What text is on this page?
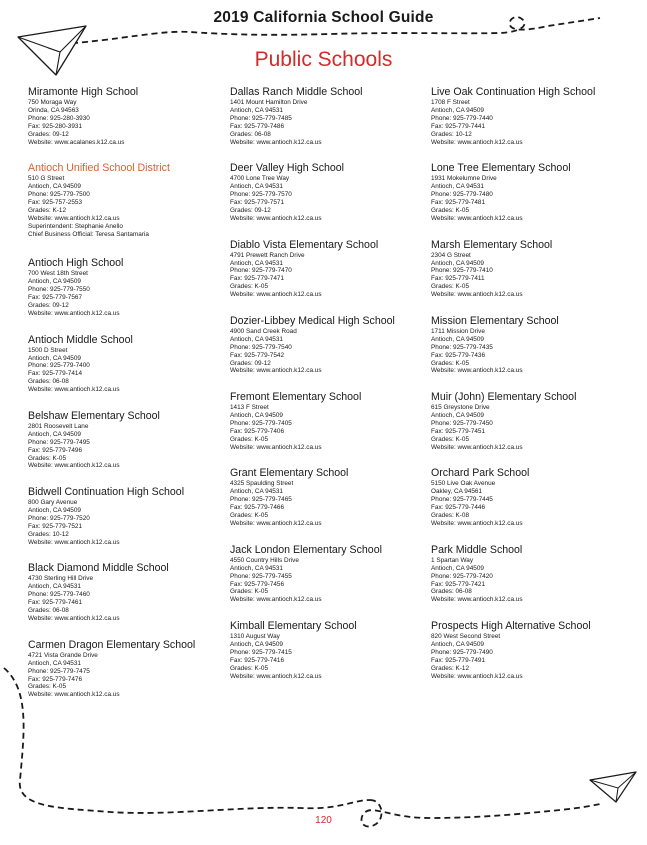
2019 California School Guide
Public Schools
Miramonte High School
750 Moraga Way
Orinda, CA 94563
Phone: 925-280-3930
Fax: 925-280-3931
Grades: 09-12
Website: www.acalanes.k12.ca.us
Antioch Unified School District
510 G Street
Antioch, CA 94509
Phone: 925-779-7500
Fax: 925-757-2553
Grades: K-12
Website: www.antioch.k12.ca.us
Superintendent: Stephanie Anello
Chief Business Official: Teresa Santamaria
Antioch High School
700 West 18th Street
Antioch, CA 94509
Phone: 925-779-7550
Fax: 925-779-7567
Grades: 09-12
Website: www.antioch.k12.ca.us
Antioch Middle School
1500 D Street
Antioch, CA 94509
Phone: 925-779-7400
Fax: 925-779-7414
Grades: 06-08
Website: www.antioch.k12.ca.us
Belshaw Elementary School
2801 Roosevelt Lane
Antioch, CA 94509
Phone: 925-779-7495
Fax: 925-779-7496
Grades: K-05
Website: www.antioch.k12.ca.us
Bidwell Continuation High School
800 Gary Avenue
Antioch, CA 94509
Phone: 925-779-7520
Fax: 925-779-7521
Grades: 10-12
Website: www.antioch.k12.ca.us
Black Diamond Middle School
4730 Sterling Hill Drive
Antioch, CA 94531
Phone: 925-779-7460
Fax: 925-779-7461
Grades: 06-08
Website: www.antioch.k12.ca.us
Carmen Dragon Elementary School
4721 Vista Grande Drive
Antioch, CA 94531
Phone: 925-779-7475
Fax: 925-779-7476
Grades: K-05
Website: www.antioch.k12.ca.us
Dallas Ranch Middle School
1401 Mount Hamilton Drive
Antioch, CA 94531
Phone: 925-779-7485
Fax: 925-779-7486
Grades: 06-08
Website: www.antioch.k12.ca.us
Deer Valley High School
4700 Lone Tree Way
Antioch, CA 94531
Phone: 925-779-7570
Fax: 925-779-7571
Grades: 09-12
Website: www.antioch.k12.ca.us
Diablo Vista Elementary School
4791 Prewett Ranch Drive
Antioch, CA 94531
Phone: 925-779-7470
Fax: 925-779-7471
Grades: K-05
Website: www.antioch.k12.ca.us
Dozier-Libbey Medical High School
4900 Sand Creek Road
Antioch, CA 94531
Phone: 925-779-7540
Fax: 925-779-7542
Grades: 09-12
Website: www.antioch.k12.ca.us
Fremont Elementary School
1413 F Street
Antioch, CA 94509
Phone: 925-779-7405
Fax: 925-779-7406
Grades: K-05
Website: www.antioch.k12.ca.us
Grant Elementary School
4325 Spaulding Street
Antioch, CA 94531
Phone: 925-779-7465
Fax: 925-779-7466
Grades: K-05
Website: www.antioch.k12.ca.us
Jack London Elementary School
4550 Country Hills Drive
Antioch, CA 94531
Phone: 925-779-7455
Fax: 925-779-7456
Grades: K-05
Website: www.antioch.k12.ca.us
Kimball Elementary School
1310 August Way
Antioch, CA 94509
Phone: 925-779-7415
Fax: 925-779-7416
Grades: K-05
Website: www.antioch.k12.ca.us
Live Oak Continuation High School
1708 F Street
Antioch, CA 94509
Phone: 925-779-7440
Fax: 925-779-7441
Grades: 10-12
Website: www.antioch.k12.ca.us
Lone Tree Elementary School
1931 Mokelumne Drive
Antioch, CA 94531
Phone: 925-779-7480
Fax: 925-779-7481
Grades: K-05
Website: www.antioch.k12.ca.us
Marsh Elementary School
2304 G Street
Antioch, CA 94509
Phone: 925-779-7410
Fax: 925-779-7411
Grades: K-05
Website: www.antioch.k12.ca.us
Mission Elementary School
1711 Mission Drive
Antioch, CA 94509
Phone: 925-779-7435
Fax: 925-779-7436
Grades: K-05
Website: www.antioch.k12.ca.us
Muir (John) Elementary School
615 Greystone Drive
Antioch, CA 94509
Phone: 925-779-7450
Fax: 925-779-7451
Grades: K-05
Website: www.antioch.k12.ca.us
Orchard Park School
5150 Live Oak Avenue
Oakley, CA 94561
Phone: 925-779-7445
Fax: 925-779-7446
Grades: K-08
Website: www.antioch.k12.ca.us
Park Middle School
1 Spartan Way
Antioch, CA 94509
Phone: 925-779-7420
Fax: 925-779-7421
Grades: 06-08
Website: www.antioch.k12.ca.us
Prospects High Alternative School
820 West Second Street
Antioch, CA 94509
Phone: 925-779-7490
Fax: 925-779-7491
Grades: K-12
Website: www.antioch.k12.ca.us
120
